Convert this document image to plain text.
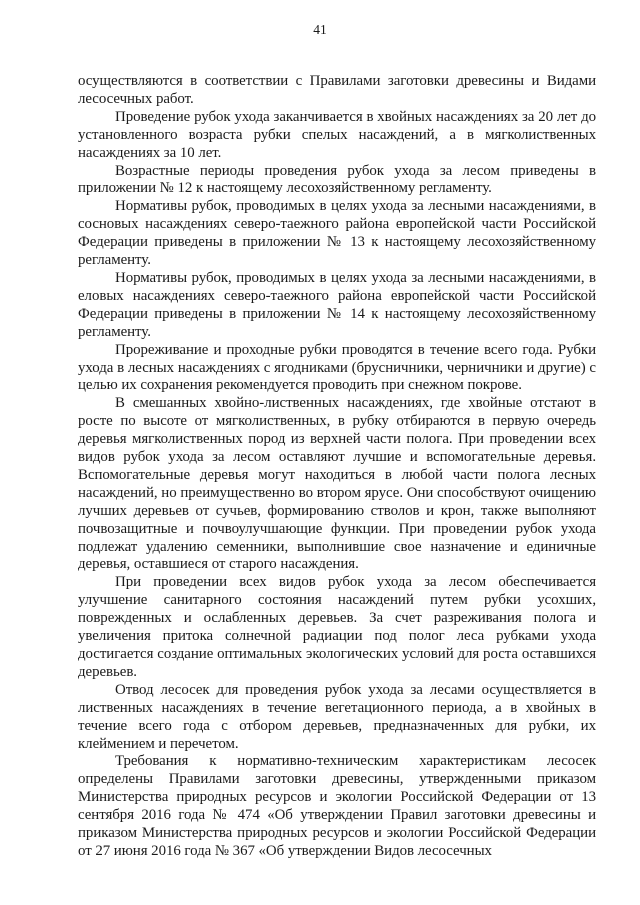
41

осуществляются в соответствии с Правилами заготовки древесины и Видами лесосечных работ.

Проведение рубок ухода заканчивается в хвойных насаждениях за 20 лет до установленного возраста рубки спелых насаждений, а в мягколиственных насаждениях за 10 лет.

Возрастные периоды проведения рубок ухода за лесом приведены в приложении № 12 к настоящему лесохозяйственному регламенту.

Нормативы рубок, проводимых в целях ухода за лесными насаждениями, в сосновых насаждениях северо-таежного района европейской части Российской Федерации приведены в приложении № 13 к настоящему лесохозяйственному регламенту.

Нормативы рубок, проводимых в целях ухода за лесными насаждениями, в еловых насаждениях северо-таежного района европейской части Российской Федерации приведены в приложении № 14 к настоящему лесохозяйственному регламенту.

Прореживание и проходные рубки проводятся в течение всего года. Рубки ухода в лесных насаждениях с ягодниками (брусничники, черничники и другие) с целью их сохранения рекомендуется проводить при снежном покрове.

В смешанных хвойно-лиственных насаждениях, где хвойные отстают в росте по высоте от мягколиственных, в рубку отбираются в первую очередь деревья мягколиственных пород из верхней части полога. При проведении всех видов рубок ухода за лесом оставляют лучшие и вспомогательные деревья. Вспомогательные деревья могут находиться в любой части полога лесных насаждений, но преимущественно во втором ярусе. Они способствуют очищению лучших деревьев от сучьев, формированию стволов и крон, также выполняют почвозащитные и почвоулучшающие функции. При проведении рубок ухода подлежат удалению семенники, выполнившие свое назначение и единичные деревья, оставшиеся от старого насаждения.

При проведении всех видов рубок ухода за лесом обеспечивается улучшение санитарного состояния насаждений путем рубки усохших, поврежденных и ослабленных деревьев. За счет разреживания полога и увеличения притока солнечной радиации под полог леса рубками ухода достигается создание оптимальных экологических условий для роста оставшихся деревьев.

Отвод лесосек для проведения рубок ухода за лесами осуществляется в лиственных насаждениях в течение вегетационного периода, а в хвойных в течение всего года с отбором деревьев, предназначенных для рубки, их клеймением и перечетом.

Требования к нормативно-техническим характеристикам лесосек определены Правилами заготовки древесины, утвержденными приказом Министерства природных ресурсов и экологии Российской Федерации от 13 сентября 2016 года № 474 «Об утверждении Правил заготовки древесины и приказом Министерства природных ресурсов и экологии Российской Федерации от 27 июня 2016 года № 367 «Об утверждении Видов лесосечных
